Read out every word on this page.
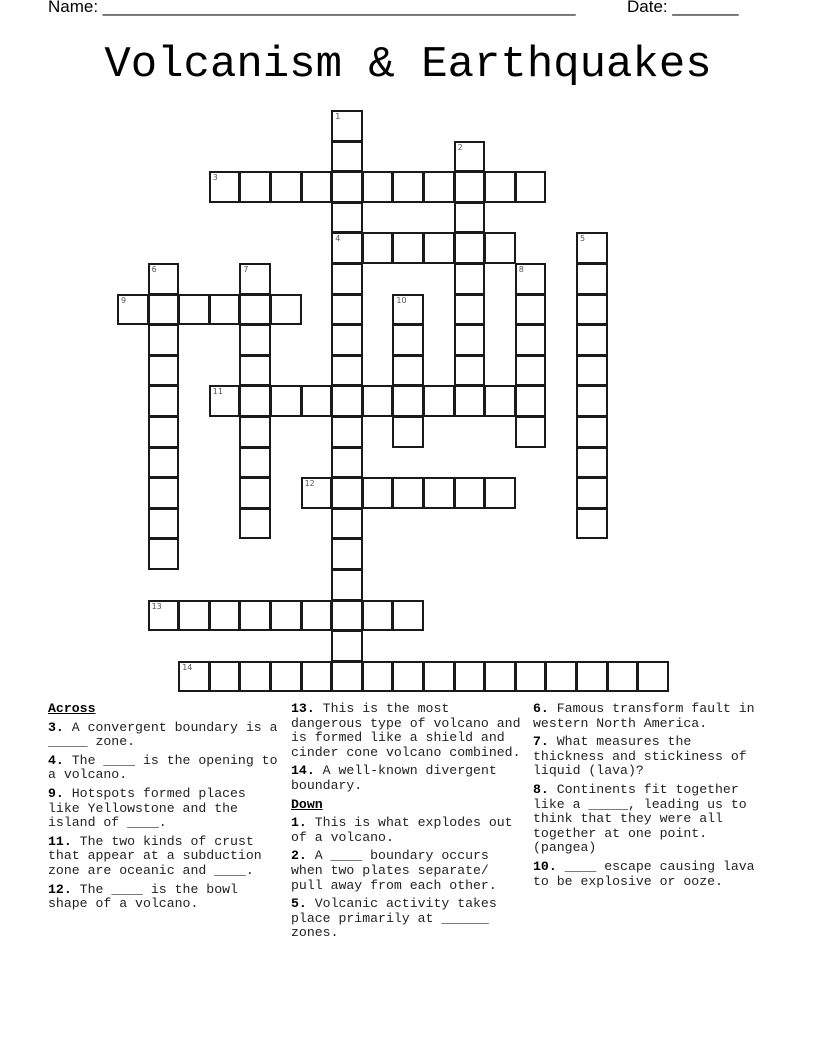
Name: __________________________________________________	Date: _______
Volcanism & Earthquakes
1
4
2
3
5
6	7	8
9	10
11
12
13
14
Across
3. A convergent boundary is a _____ zone.
4. The ____ is the opening to a volcano.
9. Hotspots formed places like Yellowstone and the island of ____.
11. The two kinds of crust that appear at a subduction zone are oceanic and ____.
12. The ____ is the bowl shape of a volcano.
13. This is the most dangerous type of volcano and is formed like a shield and cinder cone volcano combined.
14. A well-known divergent boundary.
Down
1. This is what explodes out of a volcano.
2. A ____ boundary occurs when two plates separate/ pull away from each other.
5. Volcanic activity takes place primarily at ______ zones.
6. Famous transform fault in western North America.
7. What measures the thickness and stickiness of liquid (lava)?
8. Continents fit together like a _____, leading us to think that they were all together at one point. (pangea)
10. ____ escape causing lava to be explosive or ooze.
